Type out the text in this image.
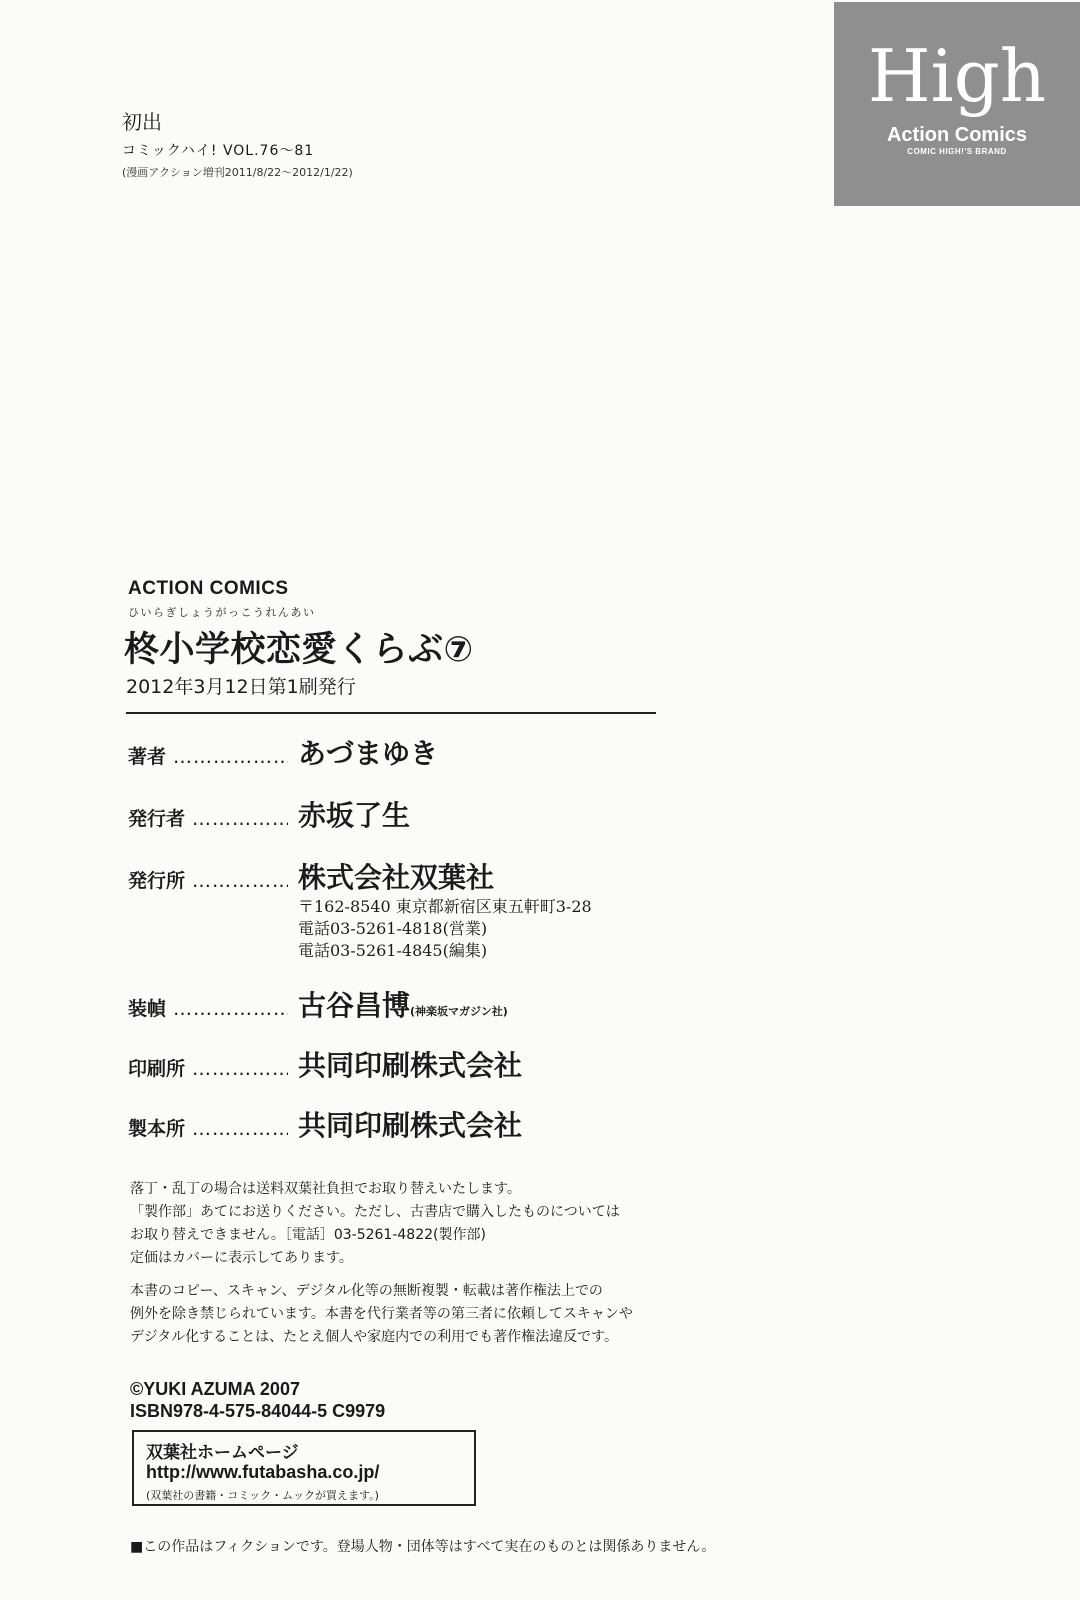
初出
コミックハイ! VOL.76〜81
(漫画アクション増刊2011/8/22〜2012/1/22)
High
Action Comics
COMIC HIGH!'S BRAND
ACTION COMICS
ひいらぎしょうがっこうれんあい
柊小学校恋愛くらぶ⑦
2012年3月12日第1刷発行
著者 ………………………………	あづまゆき
発行者 ………………………………	赤坂了生
発行所 ………………………………	株式会社双葉社
〒162-8540 東京都新宿区東五軒町3-28
電話03-5261-4818(営業)
電話03-5261-4845(編集)
装幀 ………………………………	古谷昌博(神楽坂マガジン社)
印刷所 ………………………………	共同印刷株式会社
製本所 ………………………………	共同印刷株式会社
落丁・乱丁の場合は送料双葉社負担でお取り替えいたします。
「製作部」あてにお送りください。ただし、古書店で購入したものについては
お取り替えできません。［電話］03-5261-4822(製作部)
定価はカバーに表示してあります。
本書のコピー、スキャン、デジタル化等の無断複製・転載は著作権法上での
例外を除き禁じられています。本書を代行業者等の第三者に依頼してスキャンや
デジタル化することは、たとえ個人や家庭内での利用でも著作権法違反です。
©YUKI AZUMA 2007
ISBN978-4-575-84044-5 C9979
双葉社ホームページ
http://www.futabasha.co.jp/
(双葉社の書籍・コミック・ムックが買えます。)
■この作品はフィクションです。登場人物・団体等はすべて実在のものとは関係ありません。
